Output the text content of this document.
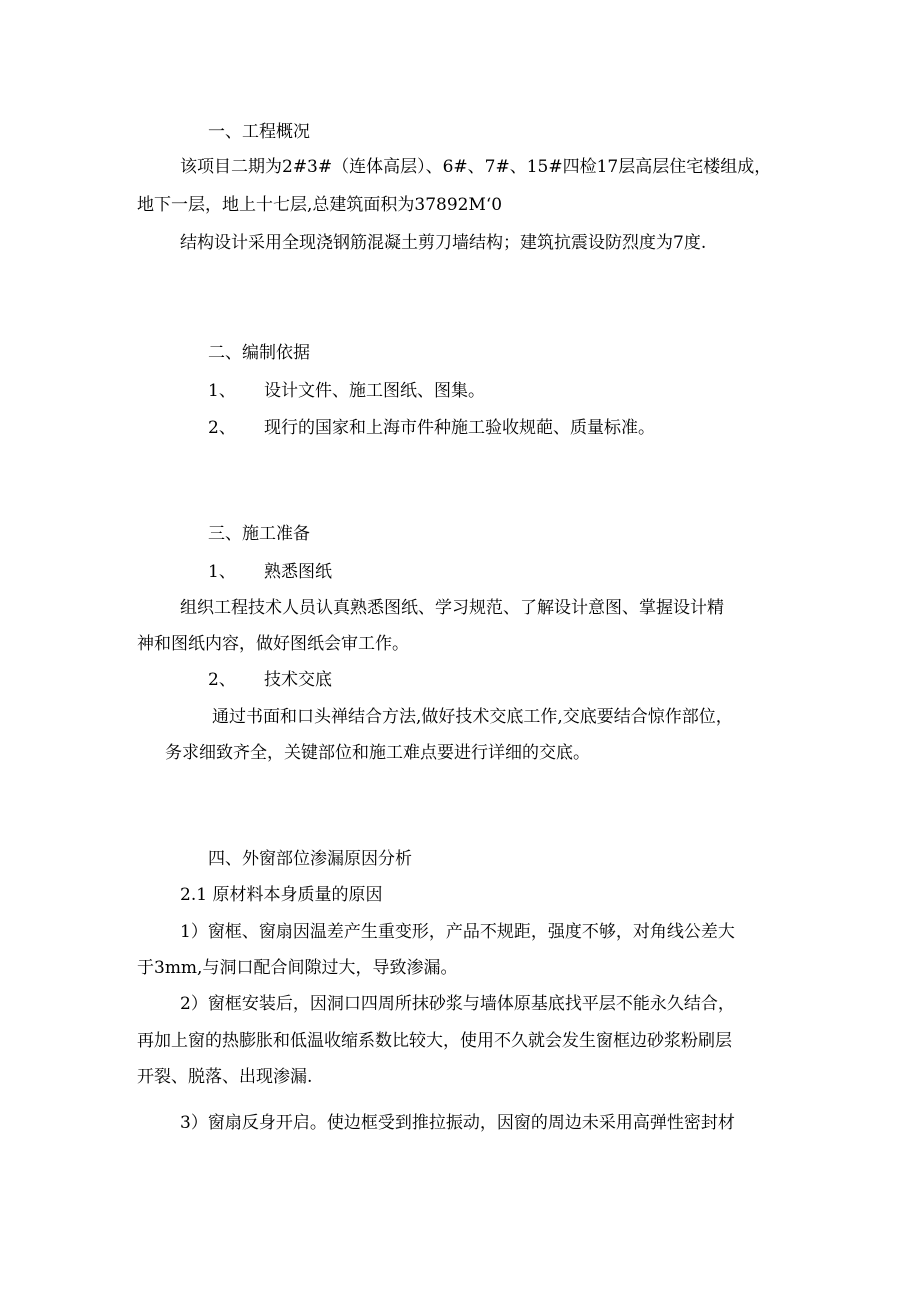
一、工程概况
该项目二期为2#3#（连体高层）、6#、7#、15#四检17层高层住宅楼组成，
地下一层，地上十七层,总建筑面积为37892M‘0
结构设计采用全现浇钢筋混凝土剪刀墙结构；建筑抗震设防烈度为7度.
二、编制依据
1、 设计文件、施工图纸、图集。
2、 现行的国家和上海市件种施工验收规葩、质量标准。
三、施工准备
1、 熟悉图纸
组织工程技术人员认真熟悉图纸、学习规范、了解设计意图、掌握设计精
神和图纸内容，做好图纸会审工作。
2、 技术交底
通过书面和口头禅结合方法,做好技术交底工作,交底要结合惊作部位，
务求细致齐全，关键部位和施工难点要进行详细的交底。
四、外窗部位渗漏原因分析
2.1 原材料本身质量的原因
1）窗框、窗扇因温差产生重变形，产品不规距，强度不够，对角线公差大
于3mm,与洞口配合间隙过大，导致渗漏。
2）窗框安装后，因洞口四周所抹砂浆与墙体原基底找平层不能永久结合，
再加上窗的热膨胀和低温收缩系数比较大，使用不久就会发生窗框边砂浆粉刷层
开裂、脱落、出现渗漏.
3）窗扇反身开启。使边框受到推拉振动，因窗的周边未采用高弹性密封材
